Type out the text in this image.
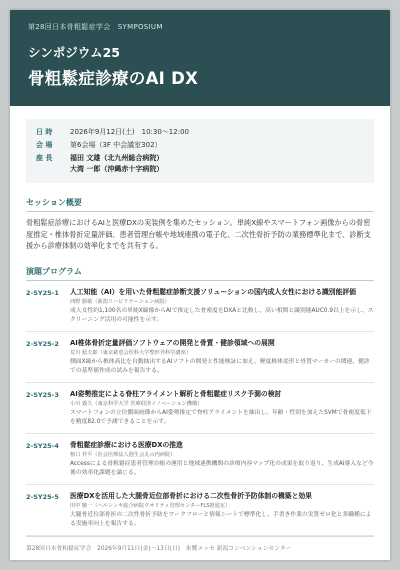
第28回日本骨粗鬆症学会　SYMPOSIUM
シンポジウム25
骨粗鬆症診療のAI DX
日 時	2026年9月12日(土)　10:30〜12:00
会 場	第6会場（3F 中会議室302）
座 長	福田 文雄（北九州総合病院）
大湾 一郎（沖縄赤十字病院）
セッション概要
骨粗鬆症診療におけるAIと医療DXの実装例を集めたセッション。単純X線やスマートフォン画像からの骨密度推定・椎体骨折定量評価、患者管理台帳や地域連携の電子化、二次性骨折予防の業務標準化まで、診断支援から診療体制の効率化までを共有する。
演題プログラム
2-SY25-1	人工知能（AI）を用いた骨粗鬆症診断支援ソリューションの国内成人女性における識別能評価
西野 勝敏（新潟リハビリテーション病院）
成人女性約1,100名の単純X線像からAIで推定した骨密度をDXAと比較し、高い相関と識別能AUC0.9以上を示し、スクリーニング活用の可能性を示す。
2-SY25-2	AI椎体骨折定量評価ソフトウェアの開発と骨質・健診領域への展開
荒川 稔夫郎（東京慈恵会医科大学整形外科学講座）
側面X線から椎体高比を自動抽出するAIソフトの開発と性能検証に加え、軽度椎体変形と骨質マーカーの関連、健診での基準値作成の試みを報告する。
2-SY25-3	AI姿勢推定による脊柱アライメント解析と骨粗鬆症リスク予測の検討
小川 義久（東京科学大学 医療経済イノベーション機構）
スマートフォンの立位側面画像からAI姿勢推定で脊柱アライメントを抽出し、年齢・性別を加えたSVMで骨密度低下を精度82.0で予測できることを示す。
2-SY25-4	骨粗鬆症診療における医療DXの推進
植口 祥平（社会医療法人抱生会丸の内病院）
Accessによる骨粗鬆症患者管理台帳の運用と地域連携機関の診療内容マップ化の成果を取り返り、生成AI導入など今後の効率化課題を論じる。
2-SY25-5	医療DXを活用した大腿骨近位部骨折における二次性骨折予防体制の構築と効果
田中 暁一（ヘルシンキ総合病院ウオリティ管理センターFLS推進室）
大腿骨近位部骨折の二次性骨折予防をワークフローと情報シートで標準化し、手書き作業の実質ゼロ化と多職種による実施率向上を報告する。
第28回日本骨粗鬆症学会　2026年9月11日(金)〜13日(日)　朱鷺メッセ 新潟コンベンションセンター
